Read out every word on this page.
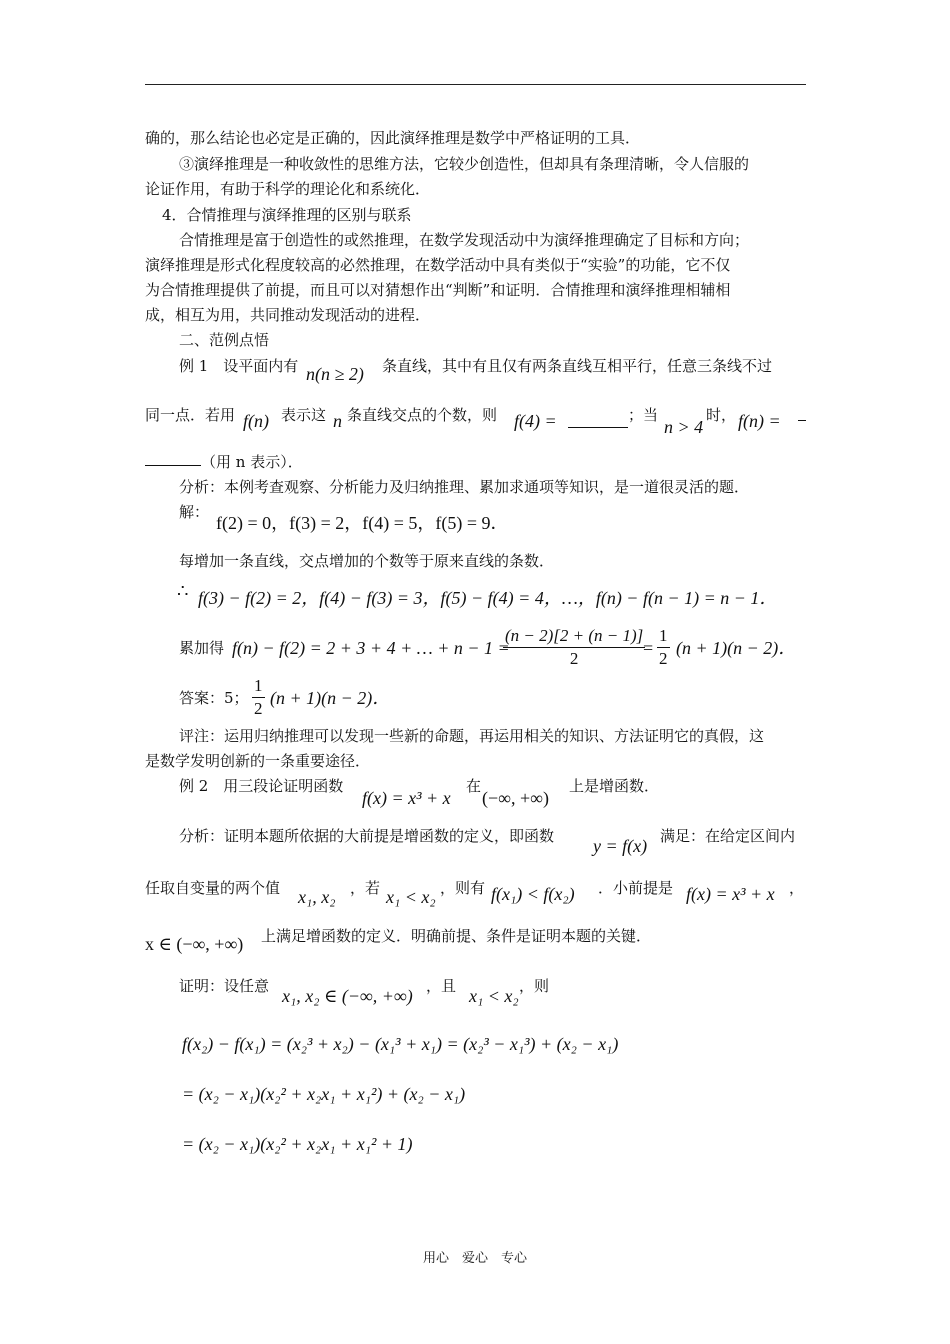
确的，那么结论也必定是正确的，因此演绎推理是数学中严格证明的工具．
③演绎推理是一种收敛性的思维方法，它较少创造性，但却具有条理清晰，令人信服的
论证作用，有助于科学的理论化和系统化．
4．合情推理与演绎推理的区别与联系
合情推理是富于创造性的或然推理，在数学发现活动中为演绎推理确定了目标和方向；
演绎推理是形式化程度较高的必然推理，在数学活动中具有类似于“实验”的功能，它不仅
为合情推理提供了前提，而且可以对猜想作出“判断”和证明．合情推理和演绎推理相辅相
成，相互为用，共同推动发现活动的进程．
二、范例点悟
例 1　设平面内有 n(n ≥ 2) 条直线，其中有且仅有两条直线互相平行，任意三条线不过
同一点．若用 f(n) 表示这 n 条直线交点的个数，则 f(4) =	；当
n > 4
时， f(n) =
（用 n 表示）．
分析：本例考查观察、分析能力及归纳推理、累加求通项等知识，是一道很灵活的题．
解：
f(2) = 0，f(3) = 2，f(4) = 5，f(5) = 9．
每增加一条直线，交点增加的个数等于原来直线的条数．
∴ f(3) − f(2) = 2，f(4) − f(3) = 3，f(5) − f(4) = 4，…，f(n) − f(n − 1) = n − 1．
累加得 f(n) − f(2) = 2 + 3 + 4 + … + n − 1 =
$\frac{(n - 2)[2 + (n - 1)]}{2}$
= $\frac{1}{2} (n + 1)(n - 2)$．
答案：5； $\frac{1}{2} (n + 1)(n - 2)$．
评注：运用归纳推理可以发现一些新的命题，再运用相关的知识、方法证明它的真假，这
是数学发明创新的一条重要途径．
例 2　用三段论证明函数
f(x) = x³ + x
在
(−∞, +∞)
上是增函数．
分析：证明本题所依据的大前提是增函数的定义，即函数 y = f(x) 满足：在给定区间内
任取自变量的两个值 x₁, x₂ ，若 x₁ < x₂ ，则有 f(x₁) < f(x₂) ．小前提是 f(x) = x³ + x ，
x ∈ (−∞, +∞) 上满足增函数的定义．明确前提、条件是证明本题的关键．
证明：设任意 x₁, x₂ ∈ (−∞, +∞) ，且 x₁ < x₂ ，则
f(x₂) − f(x₁) = (x₂³ + x₂) − (x₁³ + x₁) = (x₂³ − x₁³) + (x₂ − x₁)
= (x₂ − x₁)(x₂² + x₂x₁ + x₁²) + (x₂ − x₁)
= (x₂ − x₁)(x₂² + x₂x₁ + x₁² + 1)
用心　爱心　专心
